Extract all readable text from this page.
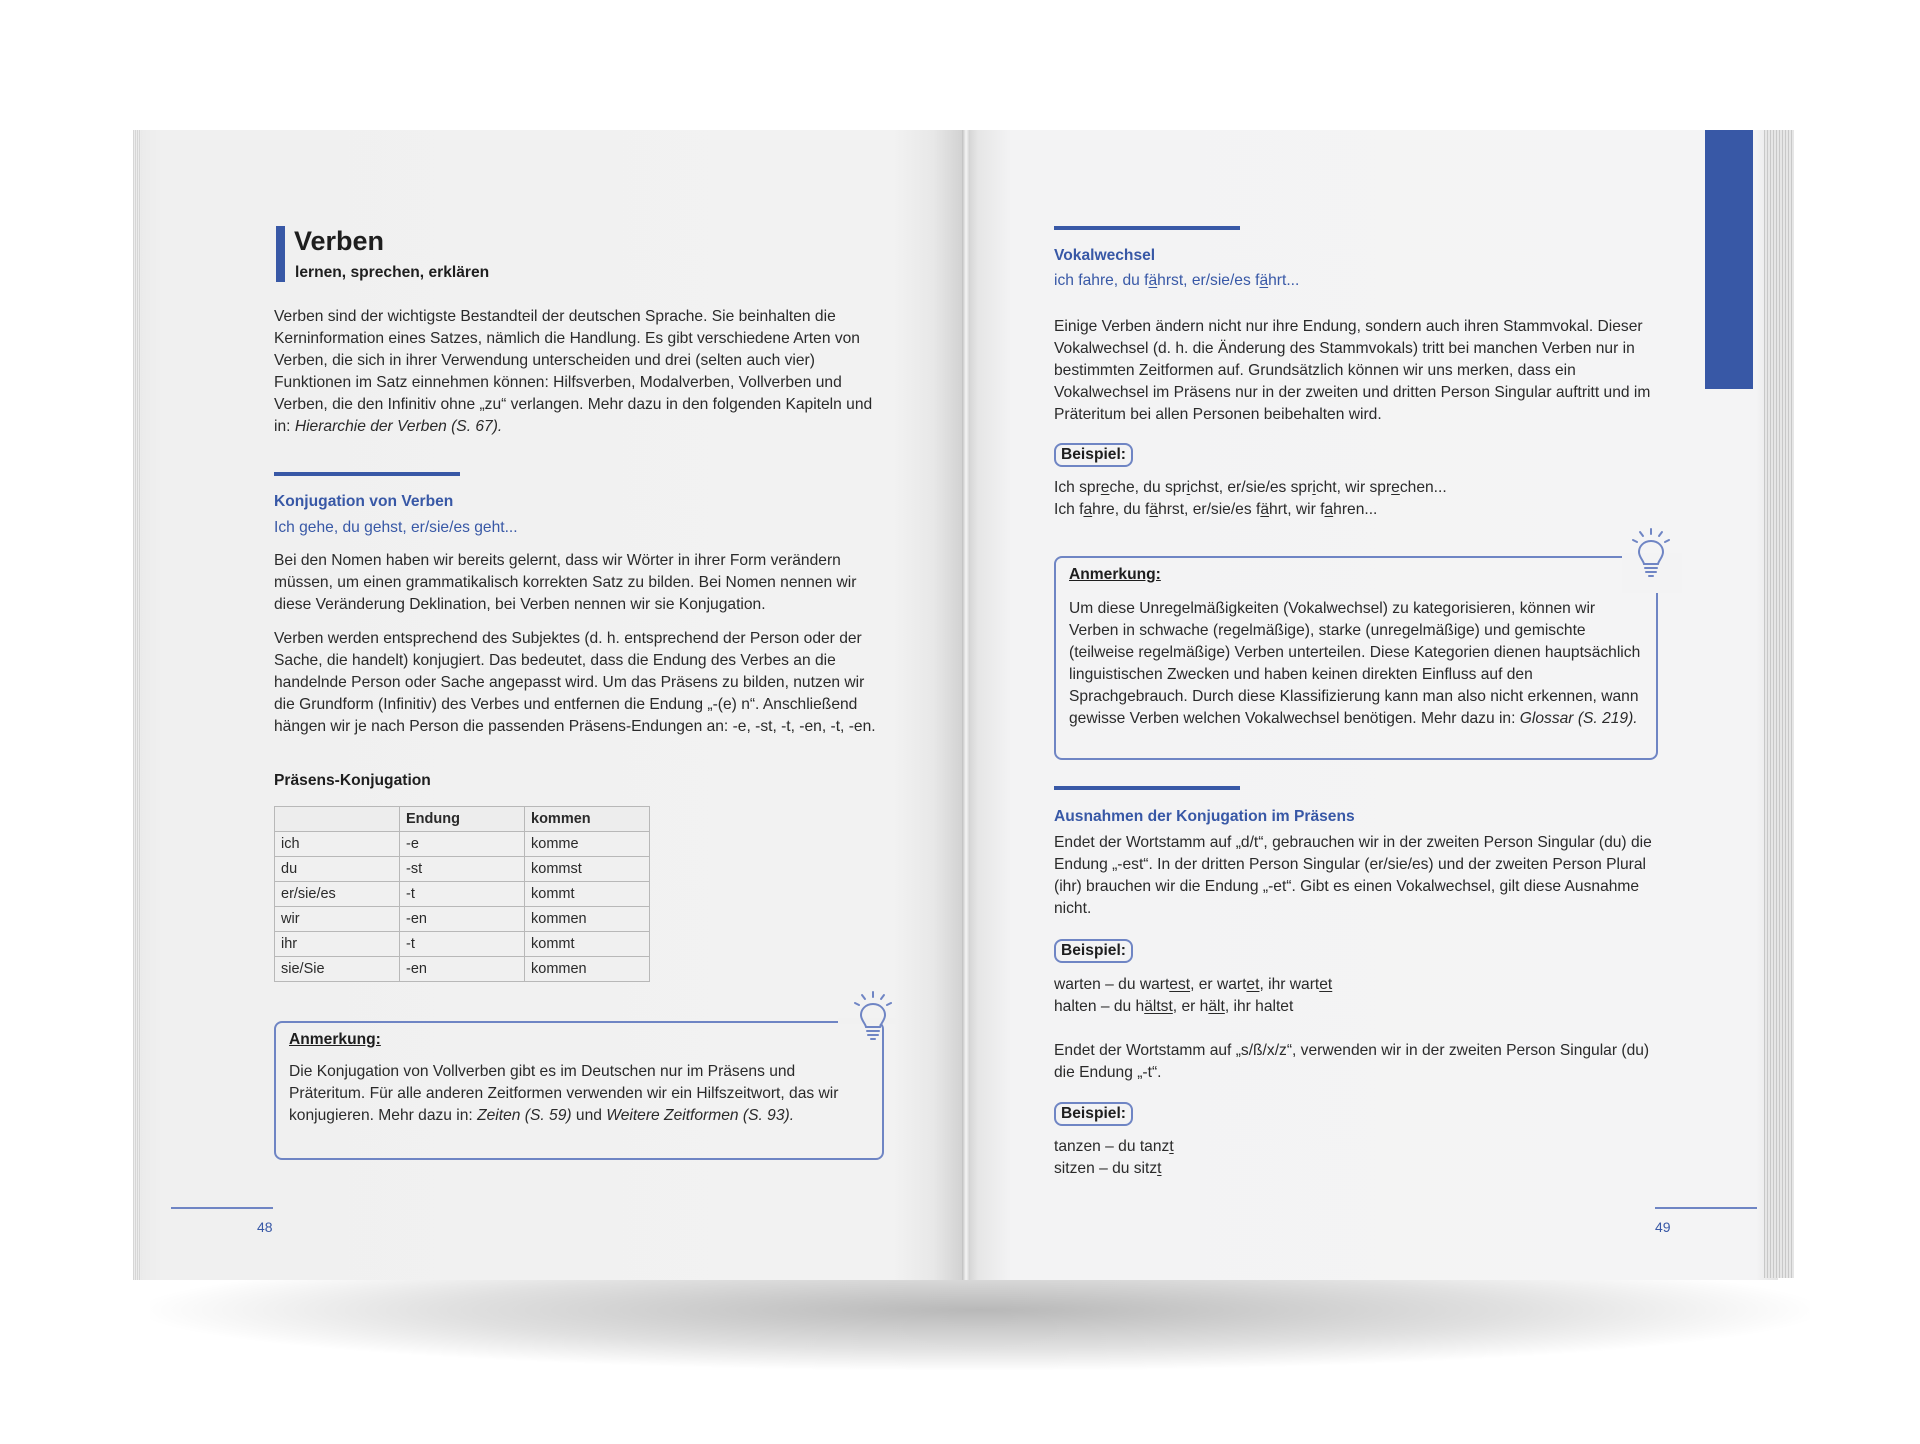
Verben
lernen, sprechen, erklären
Verben sind der wichtigste Bestandteil der deutschen Sprache. Sie beinhalten die Kerninformation eines Satzes, nämlich die Handlung. Es gibt verschiedene Arten von Verben, die sich in ihrer Verwendung unterscheiden und drei (selten auch vier) Funktionen im Satz einnehmen können: Hilfsverben, Modalverben, Vollverben und Verben, die den Infinitiv ohne „zu“ verlangen. Mehr dazu in den folgenden Kapiteln und in: Hierarchie der Verben (S. 67).
Konjugation von Verben
Ich gehe, du gehst, er/sie/es geht...
Bei den Nomen haben wir bereits gelernt, dass wir Wörter in ihrer Form verändern müssen, um einen grammatikalisch korrekten Satz zu bilden. Bei Nomen nennen wir diese Veränderung Deklination, bei Verben nennen wir sie Konjugation.
Verben werden entsprechend des Subjektes (d. h. entsprechend der Person oder der Sache, die handelt) konjugiert. Das bedeutet, dass die Endung des Verbes an die handelnde Person oder Sache angepasst wird. Um das Präsens zu bilden, nutzen wir die Grundform (Infinitiv) des Verbes und entfernen die Endung „-(e) n“. Anschließend hängen wir je nach Person die passenden Präsens-Endungen an: -e, -st, -t, -en, -t, -en.
Präsens-Konjugation
	Endung	kommen
ich	-e	komme
du	-st	kommst
er/sie/es	-t	kommt
wir	-en	kommen
ihr	-t	kommt
sie/Sie	-en	kommen
Anmerkung:
Die Konjugation von Vollverben gibt es im Deutschen nur im Präsens und Präteritum. Für alle anderen Zeitformen verwenden wir ein Hilfszeitwort, das wir konjugieren. Mehr dazu in: Zeiten (S. 59) und Weitere Zeitformen (S. 93).
48
Vokalwechsel
ich fahre, du fährst, er/sie/es fährt...
Einige Verben ändern nicht nur ihre Endung, sondern auch ihren Stammvokal. Dieser Vokalwechsel (d. h. die Änderung des Stammvokals) tritt bei manchen Verben nur in bestimmten Zeitformen auf. Grundsätzlich können wir uns merken, dass ein Vokalwechsel im Präsens nur in der zweiten und dritten Person Singular auftritt und im Präteritum bei allen Personen beibehalten wird.
Beispiel:
Ich spreche, du sprichst, er/sie/es spricht, wir sprechen...
Ich fahre, du fährst, er/sie/es fährt, wir fahren...
Anmerkung:
Um diese Unregelmäßigkeiten (Vokalwechsel) zu kategorisieren, können wir Verben in schwache (regelmäßige), starke (unregelmäßige) und gemischte (teilweise regelmäßige) Verben unterteilen. Diese Kategorien dienen hauptsächlich linguistischen Zwecken und haben keinen direkten Einfluss auf den Sprachgebrauch. Durch diese Klassifizierung kann man also nicht erkennen, wann gewisse Verben welchen Vokalwechsel benötigen. Mehr dazu in: Glossar (S. 219).
Ausnahmen der Konjugation im Präsens
Endet der Wortstamm auf „d/t“, gebrauchen wir in der zweiten Person Singular (du) die Endung „-est“. In der dritten Person Singular (er/sie/es) und der zweiten Person Plural (ihr) brauchen wir die Endung „-et“. Gibt es einen Vokalwechsel, gilt diese Ausnahme nicht.
Beispiel:
warten – du wartest, er wartet, ihr wartet
halten – du hältst, er hält, ihr haltet
Endet der Wortstamm auf „s/ß/x/z“, verwenden wir in der zweiten Person Singular (du) die Endung „-t“.
Beispiel:
tanzen – du tanzt
sitzen – du sitzt
49
